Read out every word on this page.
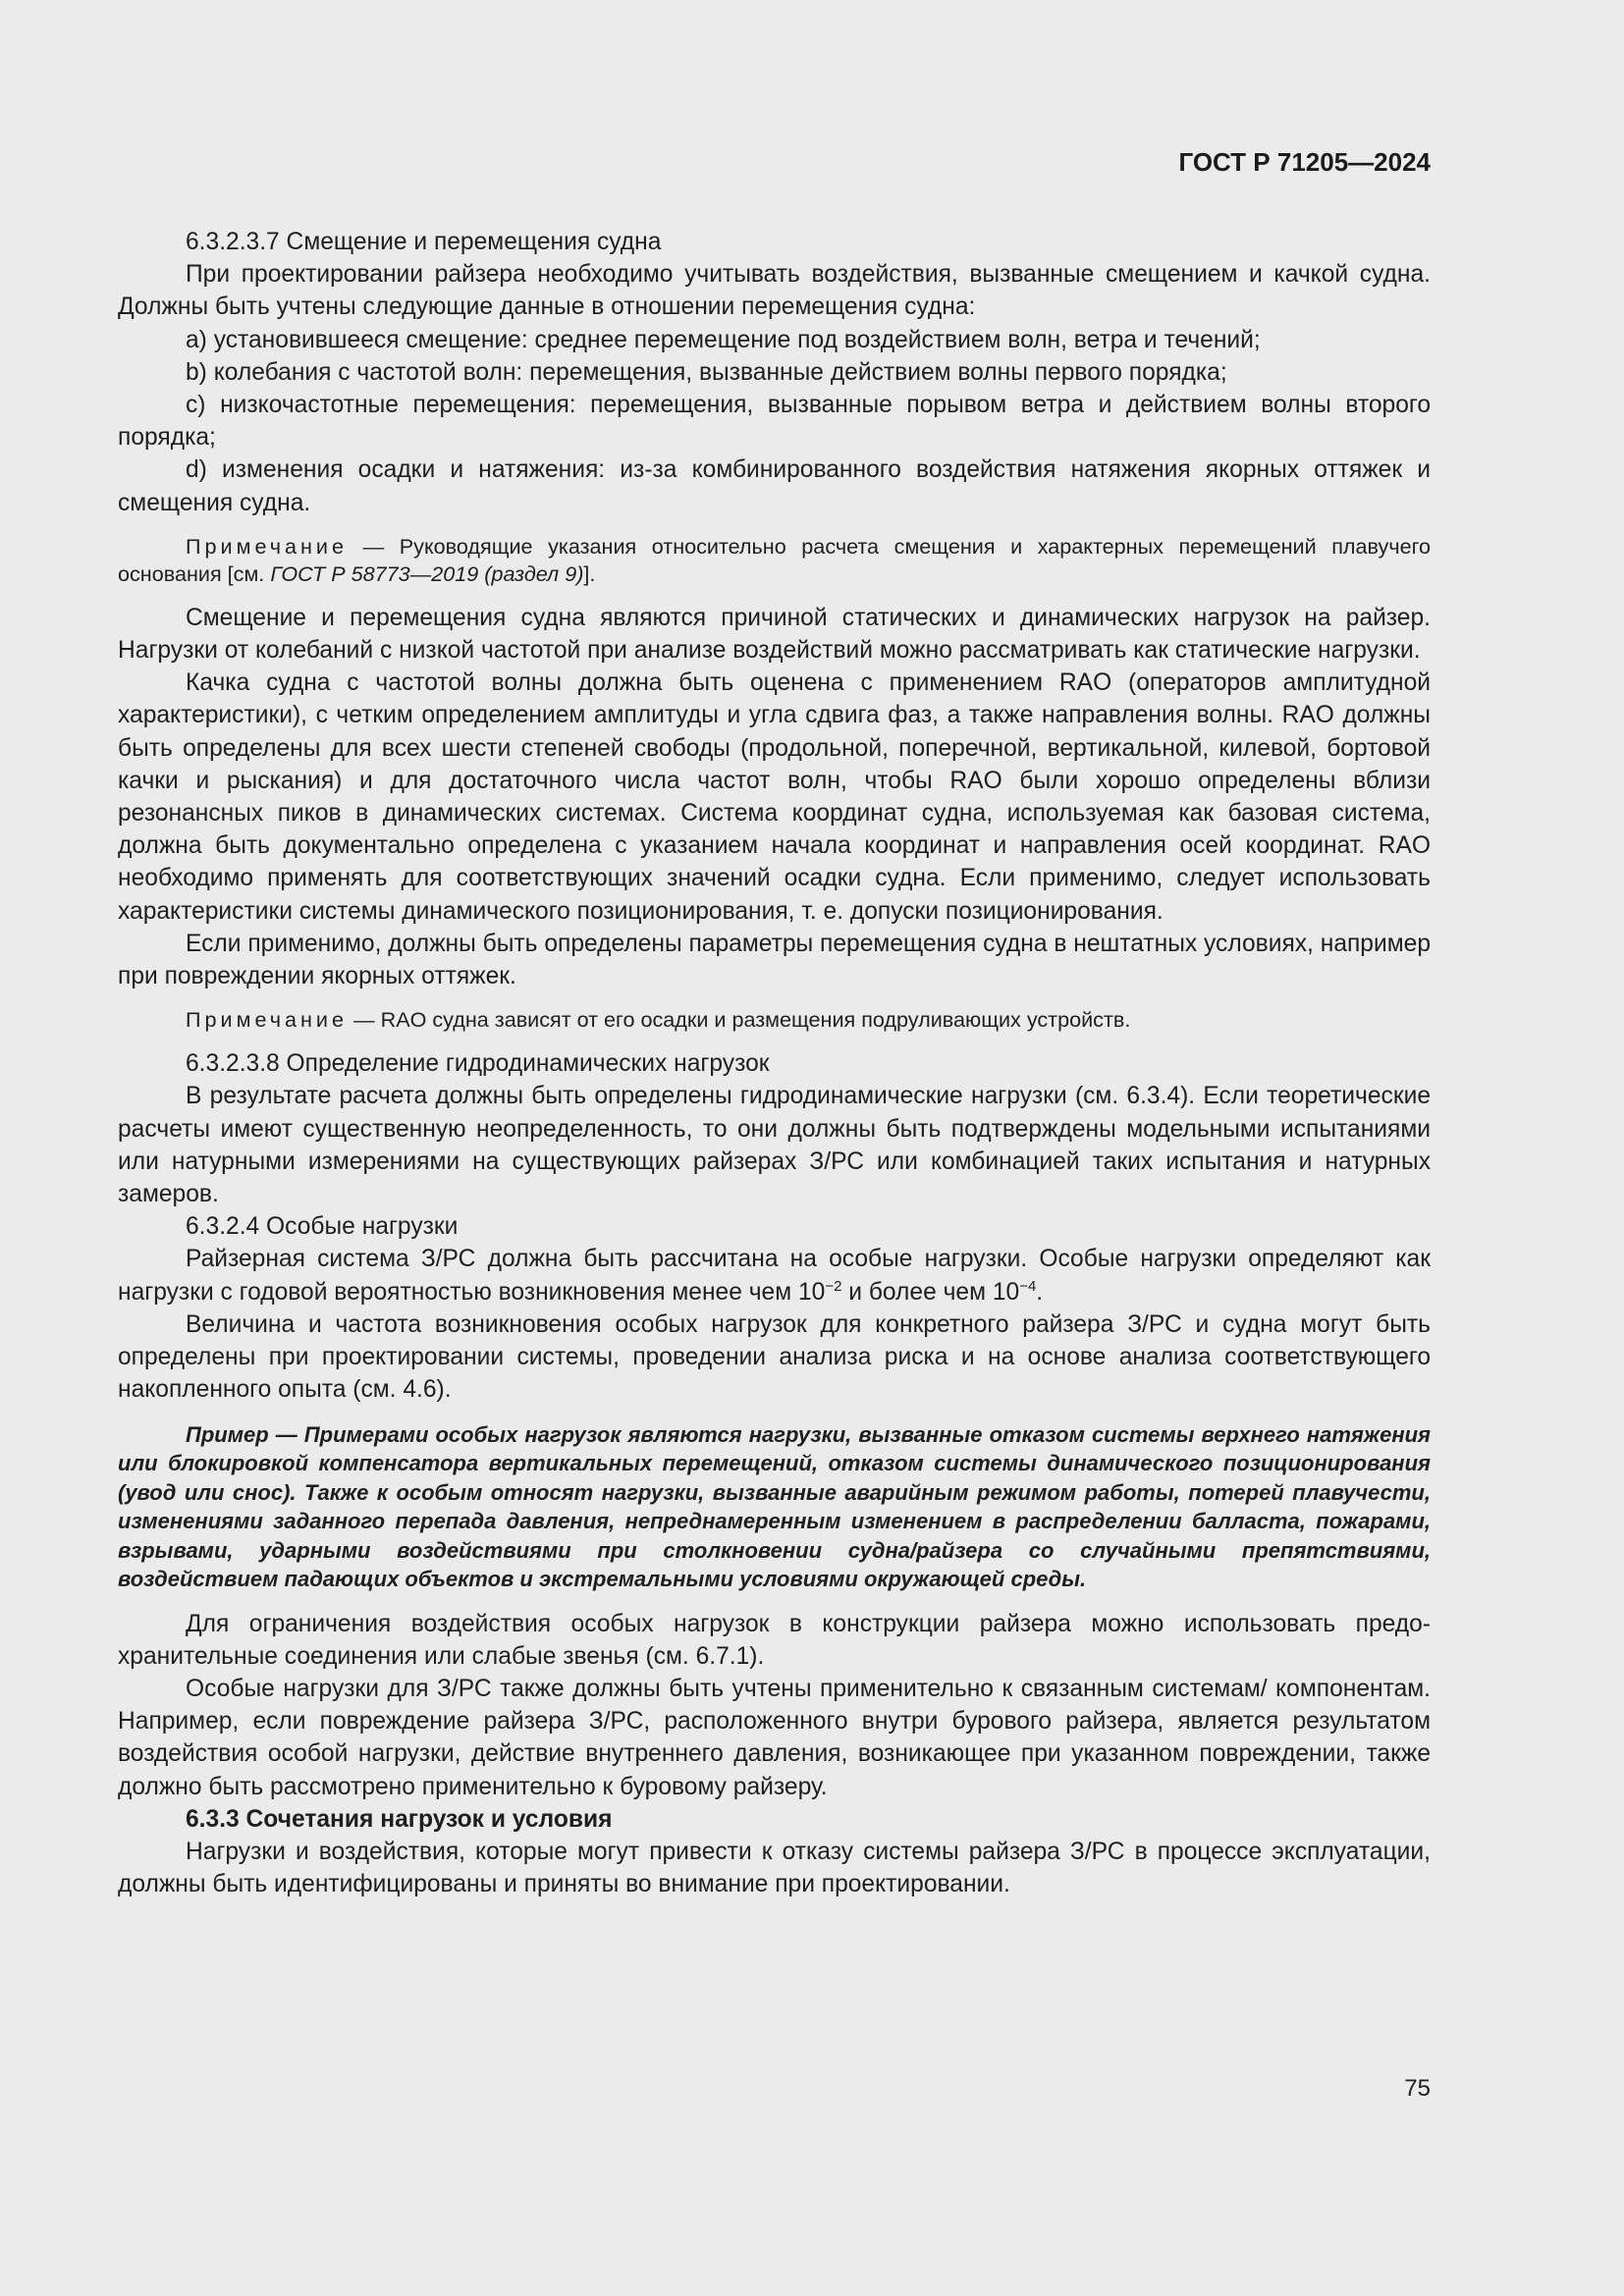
ГОСТ Р 71205—2024

6.3.2.3.7 Смещение и перемещения судна

При проектировании райзера необходимо учитывать воздействия, вызванные смещением и качкой судна. Должны быть учтены следующие данные в отношении перемещения судна:

a) установившееся смещение: среднее перемещение под воздействием волн, ветра и течений;

b) колебания с частотой волн: перемещения, вызванные действием волны первого порядка;

c) низкочастотные перемещения: перемещения, вызванные порывом ветра и действием волны второго порядка;

d) изменения осадки и натяжения: из-за комбинированного воздействия натяжения якорных оттяжек и смещения судна.

Примечание — Руководящие указания относительно расчета смещения и характерных перемещений плавучего основания [см. ГОСТ Р 58773—2019 (раздел 9)].

Смещение и перемещения судна являются причиной статических и динамических нагрузок на райзер. Нагрузки от колебаний с низкой частотой при анализе воздействий можно рассматривать как статические нагрузки.

Качка судна с частотой волны должна быть оценена с применением RAO (операторов амплитудной характеристики), с четким определением амплитуды и угла сдвига фаз, а также направления волны. RAO должны быть определены для всех шести степеней свободы (продольной, поперечной, вертикальной, килевой, бортовой качки и рыскания) и для достаточного числа частот волн, чтобы RAO были хорошо определены вблизи резонансных пиков в динамических системах. Система координат судна, используемая как базовая система, должна быть документально определена с указанием начала координат и направления осей координат. RAO необходимо применять для соответствующих значений осадки судна. Если применимо, следует использовать характеристики системы динамического позиционирования, т. е. допуски позиционирования.

Если применимо, должны быть определены параметры перемещения судна в нештатных условиях, например при повреждении якорных оттяжек.

Примечание — RAO судна зависят от его осадки и размещения подруливающих устройств.

6.3.2.3.8 Определение гидродинамических нагрузок

В результате расчета должны быть определены гидродинамические нагрузки (см. 6.3.4). Если теоретические расчеты имеют существенную неопределенность, то они должны быть подтверждены модельными испытаниями или натурными измерениями на существующих райзерах З/РС или комбинацией таких испытания и натурных замеров.

6.3.2.4 Особые нагрузки

Райзерная система З/РС должна быть рассчитана на особые нагрузки. Особые нагрузки определяют как нагрузки с годовой вероятностью возникновения менее чем $10^{-2}$ и более чем $10^{-4}$.

Величина и частота возникновения особых нагрузок для конкретного райзера З/РС и судна могут быть определены при проектировании системы, проведении анализа риска и на основе анализа соответствующего накопленного опыта (см. 4.6).

Пример — Примерами особых нагрузок являются нагрузки, вызванные отказом системы верхнего натяжения или блокировкой компенсатора вертикальных перемещений, отказом системы динамического позиционирования (увод или снос). Также к особым относят нагрузки, вызванные аварийным режимом работы, потерей плавучести, изменениями заданного перепада давления, непреднамеренным изменением в распределении балласта, пожарами, взрывами, ударными воздействиями при столкновении судна/райзера со случайными препятствиями, воздействием падающих объектов и экстремальными условиями окружающей среды.

Для ограничения воздействия особых нагрузок в конструкции райзера можно использовать предохранительные соединения или слабые звенья (см. 6.7.1).

Особые нагрузки для З/РС также должны быть учтены применительно к связанным системам/ компонентам. Например, если повреждение райзера З/РС, расположенного внутри бурового райзера, является результатом воздействия особой нагрузки, действие внутреннего давления, возникающее при указанном повреждении, также должно быть рассмотрено применительно к буровому райзеру.

6.3.3 Сочетания нагрузок и условия

Нагрузки и воздействия, которые могут привести к отказу системы райзера З/РС в процессе эксплуатации, должны быть идентифицированы и приняты во внимание при проектировании.

75
